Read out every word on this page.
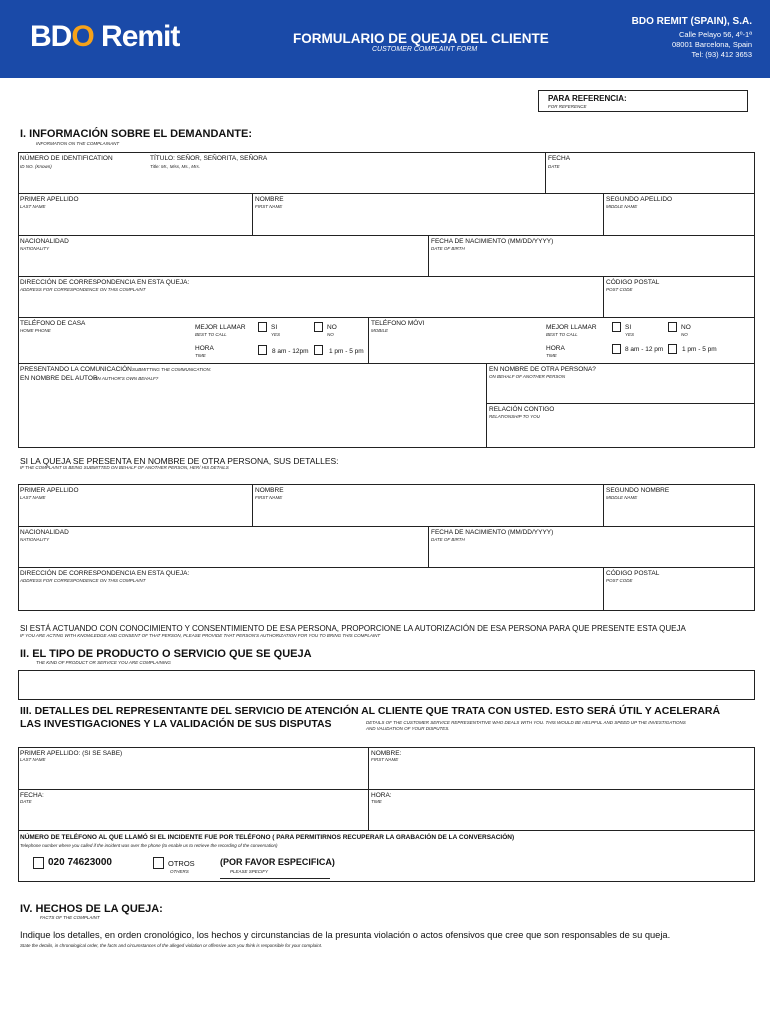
BDO Remit	FORMULARIO DE QUEJA DEL CLIENTE
CUSTOMER COMPLAINT FORM
BDO REMIT (SPAIN), S.A.
Calle Pelayo 56, 4º-1ª
08001 Barcelona, Spain
Tel: (93) 412 3653
PARA REFERENCIA:
FOR REFERENCE
I. INFORMACIÓN SOBRE EL DEMANDANTE:
INFORMATION ON THE COMPLAINANT
NÚMERO DE IDENTIFICATION
ID NO. (Known)
TÍTULO: SEÑOR, SEÑORITA, SEÑORA
Title: Mr., Miss, Ms., Mrs.
FECHA
DATE
PRIMER APELLIDO
LAST NAME
NOMBRE
FIRST NAME
SEGUNDO APELLIDO
MIDDLE NAME
NACIONALIDAD
NATIONALITY
FECHA DE NACIMIENTO (MM/DD/YYYY)
DATE OF BIRTH
DIRECCIÓN DE CORRESPONDENCIA EN ESTA QUEJA:
ADDRESS FOR CORRESPONDENCE ON THIS COMPLAINT
CÓDIGO POSTAL
POST CODE
TELÉFONO DE CASA
HOME PHONE	MEJOR LLAMAR
BEST TO CALL
SI
YES
NO
NO
HORA
TIME
8 am - 12pm	1 pm - 5 pm
TELÉFONO MÓVI
MOBILE	MEJOR LLAMAR
BEST TO CALL
SI
YES
NO
NO
HORA
TIME
8 am - 12 pm	1 pm - 5 pm
PRESENTANDO LA COMUNICACIÓN SUBMITTING THE COMMUNICATION:
EN NOMBRE DEL AUTOR
ON AUTHOR'S OWN BEHALF?
EN NOMBRE DE OTRA PERSONA?
ON BEHALF OF ANOTHER PERSON
RELACIÓN CONTIGO
RELATIONSHIP TO YOU
SI LA QUEJA SE PRESENTA EN NOMBRE DE OTRA PERSONA, SUS DETALLES:
IF THE COMPLAINT IS BEING SUBMITTED ON BEHALF OF ANOTHER PERSON, HER/ HIS DETAILS
PRIMER APELLIDO
LAST NAME
NOMBRE
FIRST NAME
SEGUNDO NOMBRE
MIDDLE NAME
NACIONALIDAD
NATIONALITY
FECHA DE NACIMIENTO (MM/DD/YYYY)
DATE OF BIRTH
DIRECCIÓN DE CORRESPONDENCIA EN ESTA QUEJA:
ADDRESS FOR CORRESPONDENCE ON THIS COMPLAINT
CÓDIGO POSTAL
POST CODE
SI ESTÁ ACTUANDO CON CONOCIMIENTO Y CONSENTIMIENTO DE ESA PERSONA, PROPORCIONE LA AUTORIZACIÓN DE ESA PERSONA PARA QUE PRESENTE ESTA QUEJA
IF YOU ARE ACTING WITH KNOWLEDGE AND CONSENT OF THAT PERSON, PLEASE PROVIDE THAT PERSON'S AUTHORIZATION FOR YOU TO BRING THIS COMPLAINT
II. EL TIPO DE PRODUCTO O SERVICIO QUE SE QUEJA
THE KIND OF PRODUCT OR SERVICE YOU ARE COMPLAINING
III. DETALLES DEL REPRESENTANTE DEL SERVICIO DE ATENCIÓN AL CLIENTE QUE TRATA CON USTED. ESTO SERÁ ÚTIL Y ACELERARÁ
LAS INVESTIGACIONES Y LA VALIDACIÓN DE SUS DISPUTAS	DETAILS OF THE CUSTOMER SERVICE REPRESENTATIVE WHO DEALS WITH YOU. THIS WOULD BE HELPFUL AND SPEED UP THE INVESTIGATIONS
AND VALIDATION OF YOUR DISPUTES.
PRIMER APELLIDO: (SI SE SABE)
LAST NAME
NOMBRE:
FIRST NAME
FECHA:
DATE
HORA:
TIME
NÚMERO DE TELÉFONO AL QUE LLAMÓ SI EL INCIDENTE FUE POR TELÉFONO ( PARA PERMITIRNOS RECUPERAR LA GRABACIÓN DE LA CONVERSACIÓN)
Telephone number where you called if the incident was over the phone (to enable us to retrieve the recording of the conversation)
020 74623000	OTROS
OTHERS
(POR FAVOR ESPECIFICA)
PLEASE SPECIFY
IV. HECHOS DE LA QUEJA:
FACTS OF THE COMPLAINT
Indique los detalles, en orden cronológico, los hechos y circunstancias de la presunta violación o actos ofensivos que cree que son responsables de su queja.
State the details, in chronological order, the facts and circumstances of the alleged violation or offensive acts you think is responsible for your complaint.
